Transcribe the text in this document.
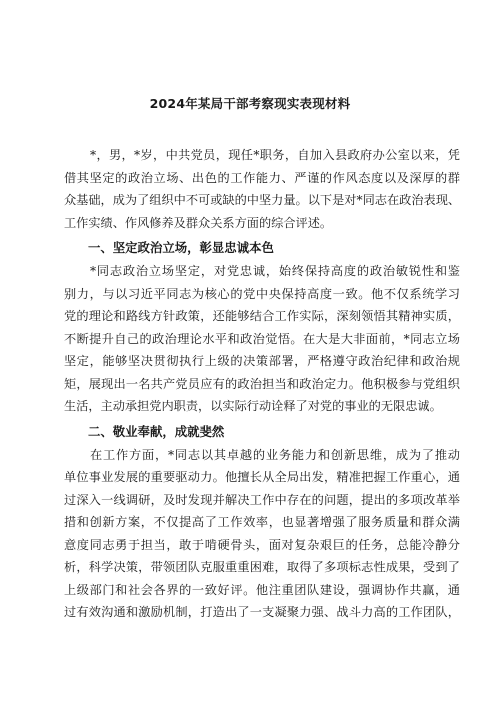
2024年某局干部考察现实表现材料
*，男，*岁，中共党员，现任*职务，自加入县政府办公室以来，凭
借其坚定的政治立场、出色的工作能力、严谨的作风态度以及深厚的群
众基础，成为了组织中不可或缺的中坚力量。以下是对*同志在政治表现、
工作实绩、作风修养及群众关系方面的综合评述。
一、坚定政治立场，彰显忠诚本色
*同志政治立场坚定，对党忠诚，始终保持高度的政治敏锐性和鉴
别力，与以习近平同志为核心的党中央保持高度一致。他不仅系统学习
党的理论和路线方针政策，还能够结合工作实际，深刻领悟其精神实质，
不断提升自己的政治理论水平和政治觉悟。在大是大非面前，*同志立场
坚定，能够坚决贯彻执行上级的决策部署，严格遵守政治纪律和政治规
矩，展现出一名共产党员应有的政治担当和政治定力。他积极参与党组织
生活，主动承担党内职责，以实际行动诠释了对党的事业的无限忠诚。
二、敬业奉献，成就斐然
在工作方面，*同志以其卓越的业务能力和创新思维，成为了推动
单位事业发展的重要驱动力。他擅长从全局出发，精准把握工作重心，通
过深入一线调研，及时发现并解决工作中存在的问题，提出的多项改革举
措和创新方案，不仅提高了工作效率，也显著增强了服务质量和群众满
意度同志勇于担当，敢于啃硬骨头，面对复杂艰巨的任务，总能冷静分
析，科学决策，带领团队克服重重困难，取得了多项标志性成果，受到了
上级部门和社会各界的一致好评。他注重团队建设，强调协作共赢，通
过有效沟通和激励机制，打造出了一支凝聚力强、战斗力高的工作团队，
